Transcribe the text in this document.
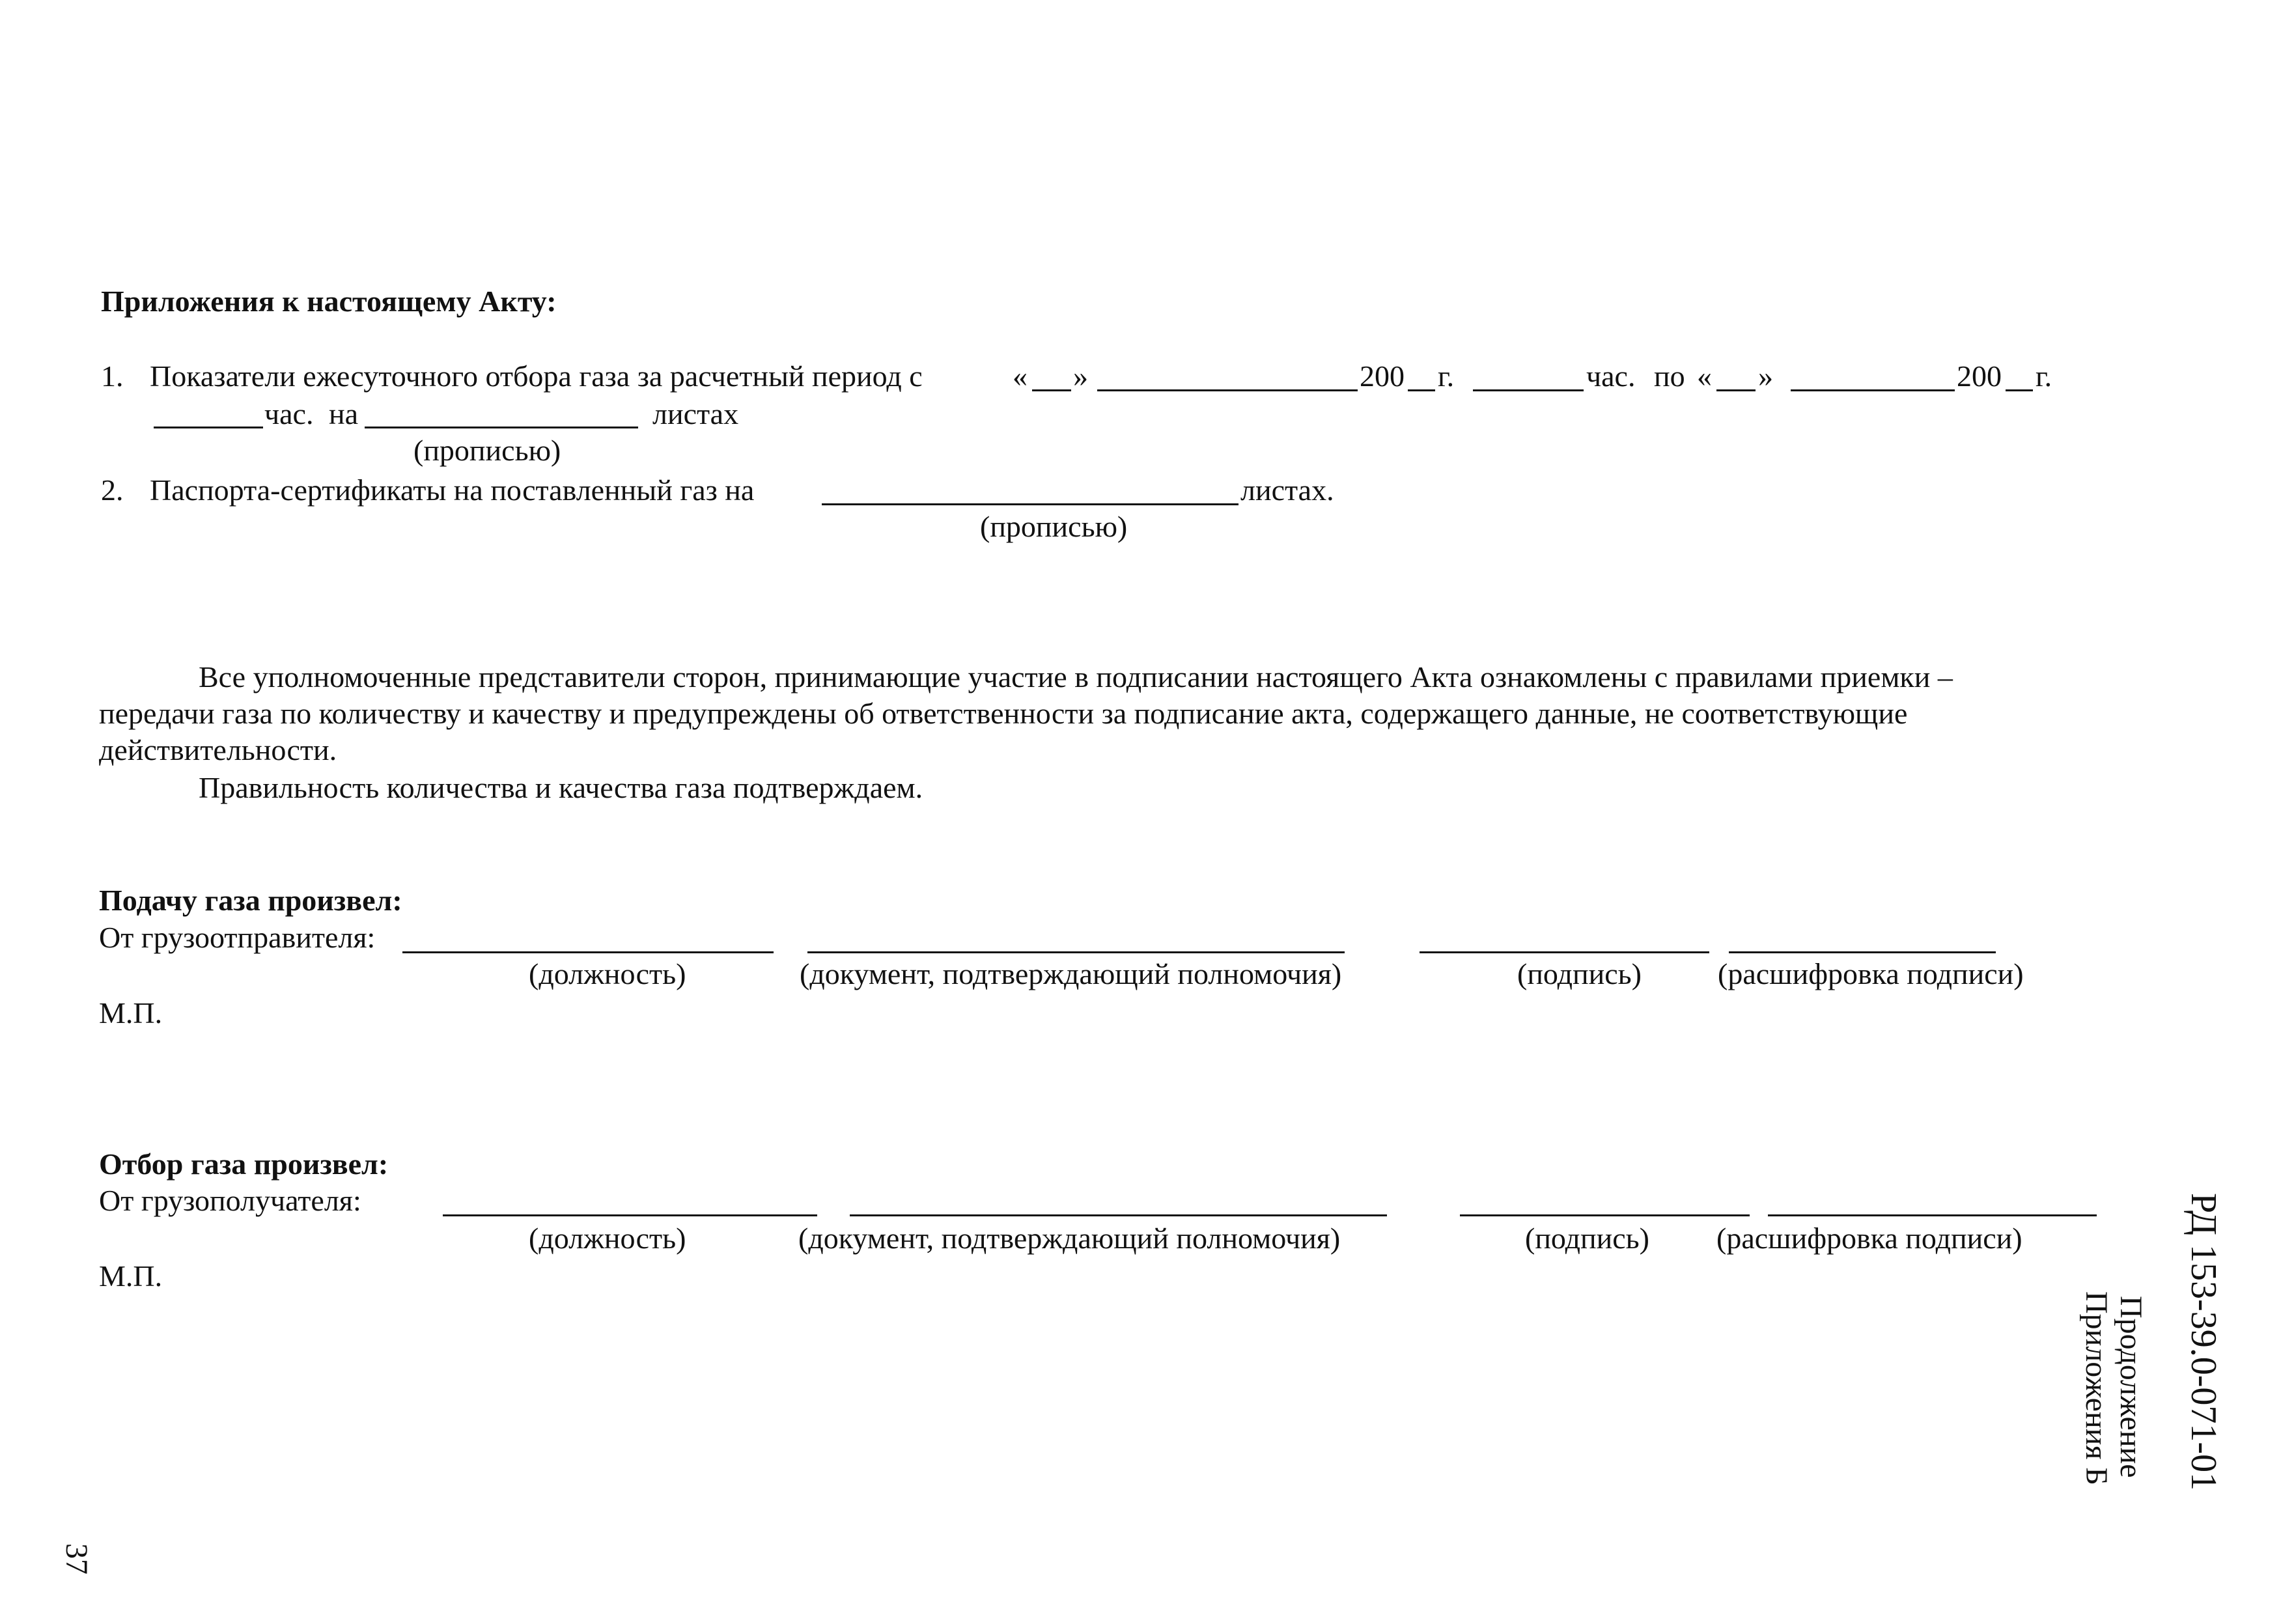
Приложения к настоящему Акту:
1. Показатели ежесуточного отбора газа за расчетный период с	« »	200 г.	час. по « »	200 г.
час. на	листах
(прописью)
2. Паспорта-сертификаты на поставленный газ на	листах.
(прописью)
Все уполномоченные представители сторон, принимающие участие в подписании настоящего Акта ознакомлены с правилами приемки –
передачи газа по количеству и качеству и предупреждены об ответственности за подписание акта, содержащего данные, не соответствующие
действительности.
Правильность количества и качества газа подтверждаем.
Подачу газа произвел:
От грузоотправителя:
(должность)	(документ, подтверждающий полномочия)	(подпись)	(расшифровка подписи)
М.П.
Отбор газа произвел:
От грузополучателя:
(должность)	(документ, подтверждающий полномочия)	(подпись) (расшифровка подписи)
М.П.	РД 153-39.0-071-01
Продолжение
Приложения Б
37
